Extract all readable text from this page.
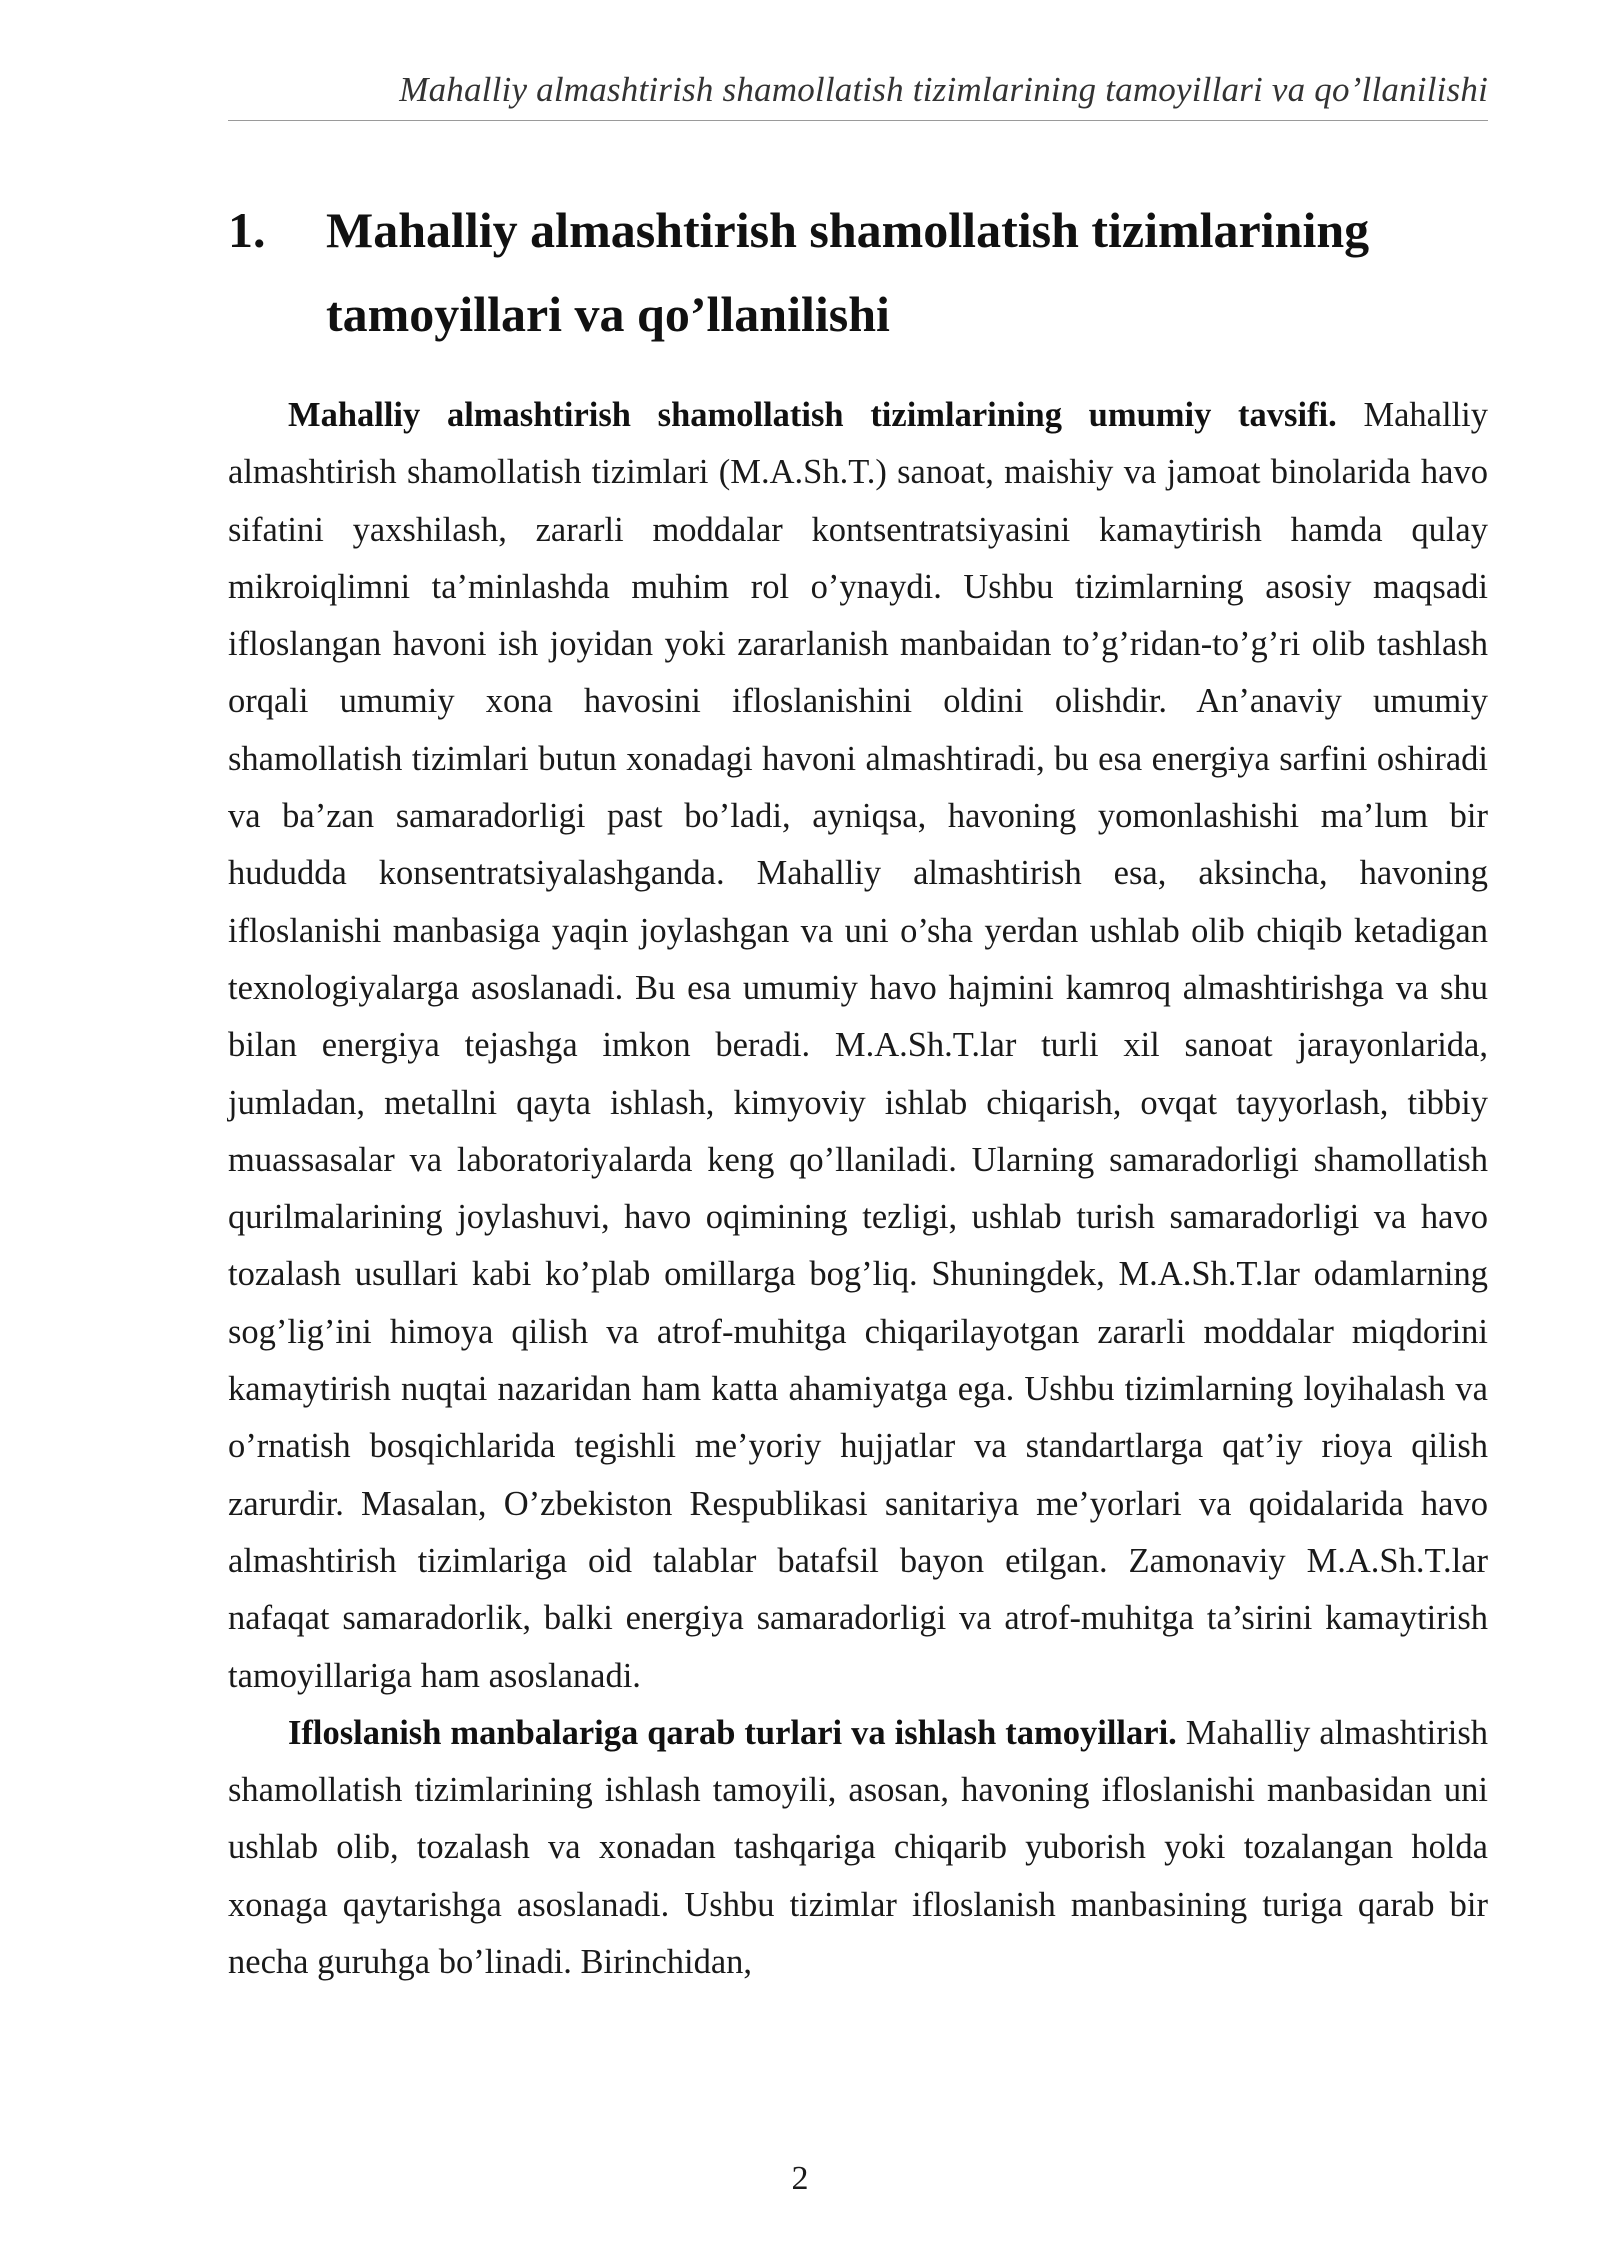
Mahalliy almashtirish shamollatish tizimlarining tamoyillari va qo’llanilishi
1.	Mahalliy almashtirish shamollatish tizimlarining tamoyillari va qo’llanilishi

Mahalliy almashtirish shamollatish tizimlarining umumiy tavsifi. Mahalliy almashtirish shamollatish tizimlari (M.A.Sh.T.) sanoat, maishiy va jamoat binolarida havo sifatini yaxshilash, zararli moddalar kontsentratsiyasini kamaytirish hamda qulay mikroiqlimni ta’minlashda muhim rol o’ynaydi. Ushbu tizimlarning asosiy maqsadi ifloslangan havoni ish joyidan yoki zararlanish manbaidan to’g’ridan-to’g’ri olib tashlash orqali umumiy xona havosini ifloslanishini oldini olishdir. An’anaviy umumiy shamollatish tizimlari butun xonadagi havoni almashtiradi, bu esa energiya sarfini oshiradi va ba’zan samaradorligi past bo’ladi, ayniqsa, havoning yomonlashishi ma’lum bir hududda konsentratsiyalashganda. Mahalliy almashtirish esa, aksincha, havoning ifloslanishi manbasiga yaqin joylashgan va uni o’sha yerdan ushlab olib chiqib ketadigan texnologiyalarga asoslanadi. Bu esa umumiy havo hajmini kamroq almashtirishga va shu bilan energiya tejashga imkon beradi. M.A.Sh.T.lar turli xil sanoat jarayonlarida, jumladan, metallni qayta ishlash, kimyoviy ishlab chiqarish, ovqat tayyorlash, tibbiy muassasalar va laboratoriyalarda keng qo’llaniladi. Ularning samaradorligi shamollatish qurilmalarining joylashuvi, havo oqimining tezligi, ushlab turish samaradorligi va havo tozalash usullari kabi ko’plab omillarga bog’liq. Shuningdek, M.A.Sh.T.lar odamlarning sog’lig’ini himoya qilish va atrof-muhitga chiqarilayotgan zararli moddalar miqdorini kamaytirish nuqtai nazaridan ham katta ahamiyatga ega. Ushbu tizimlarning loyihalash va o’rnatish bosqichlarida tegishli me’yoriy hujjatlar va standartlarga qat’iy rioya qilish zarurdir. Masalan, O’zbekiston Respublikasi sanitariya me’yorlari va qoidalarida havo almashtirish tizimlariga oid talablar batafsil bayon etilgan. Zamonaviy M.A.Sh.T.lar nafaqat samaradorlik, balki energiya samaradorligi va atrof-muhitga ta’sirini kamaytirish tamoyillariga ham asoslanadi.

Ifloslanish manbalariga qarab turlari va ishlash tamoyillari. Mahalliy almashtirish shamollatish tizimlarining ishlash tamoyili, asosan, havoning ifloslanishi manbasidan uni ushlab olib, tozalash va xonadan tashqariga chiqarib yuborish yoki tozalangan holda xonaga qaytarishga asoslanadi. Ushbu tizimlar ifloslanish manbasining turiga qarab bir necha guruhga bo’linadi. Birinchidan,

2
